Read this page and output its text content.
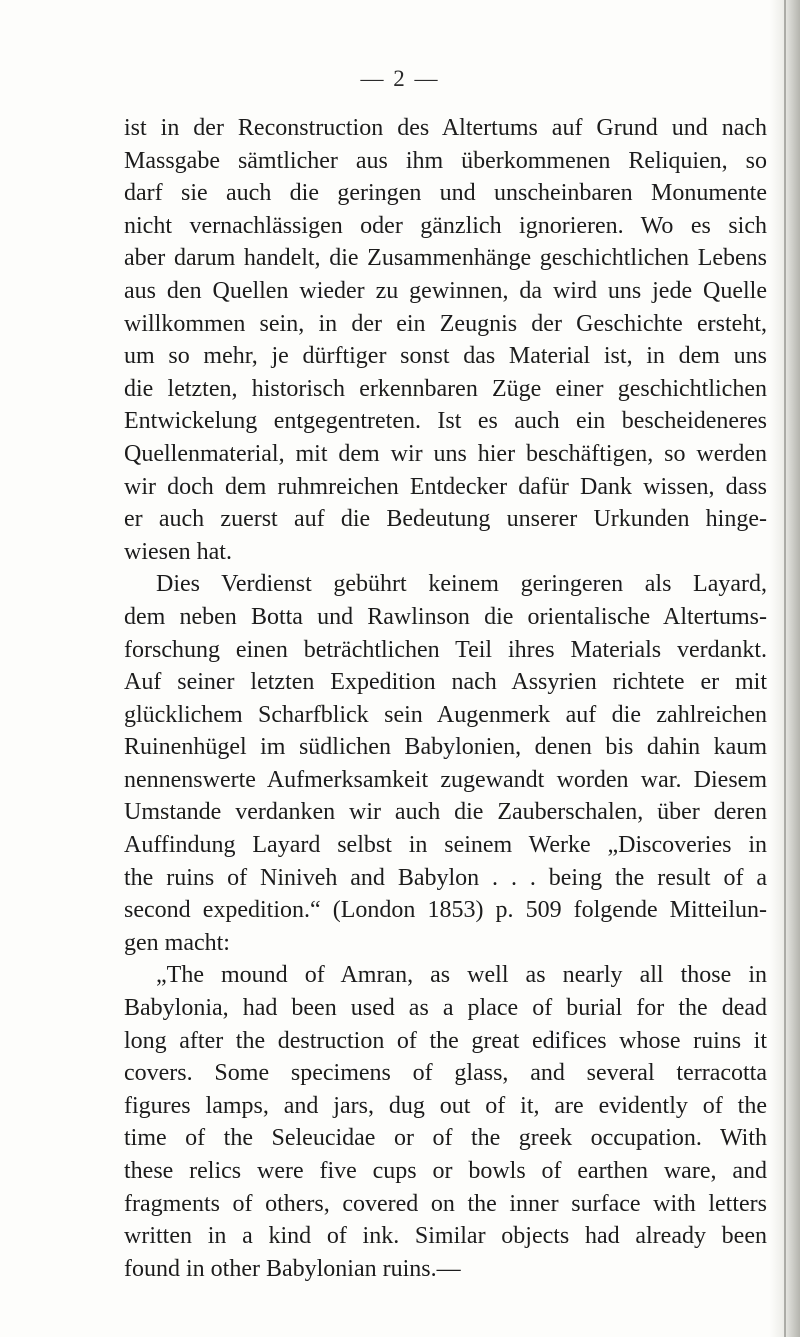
— 2 —
ist in der Reconstruction des Altertums auf Grund und nach
Massgabe sämtlicher aus ihm überkommenen Reliquien, so
darf sie auch die geringen und unscheinbaren Monumente
nicht vernachlässigen oder gänzlich ignorieren. Wo es sich
aber darum handelt, die Zusammenhänge geschichtlichen Lebens
aus den Quellen wieder zu gewinnen, da wird uns jede Quelle
willkommen sein, in der ein Zeugnis der Geschichte ersteht,
um so mehr, je dürftiger sonst das Material ist, in dem uns
die letzten, historisch erkennbaren Züge einer geschichtlichen
Entwickelung entgegentreten. Ist es auch ein bescheideneres
Quellenmaterial, mit dem wir uns hier beschäftigen, so werden
wir doch dem ruhmreichen Entdecker dafür Dank wissen, dass
er auch zuerst auf die Bedeutung unserer Urkunden hinge-
wiesen hat.
Dies Verdienst gebührt keinem geringeren als Layard,
dem neben Botta und Rawlinson die orientalische Altertums-
forschung einen beträchtlichen Teil ihres Materials verdankt.
Auf seiner letzten Expedition nach Assyrien richtete er mit
glücklichem Scharfblick sein Augenmerk auf die zahlreichen
Ruinenhügel im südlichen Babylonien, denen bis dahin kaum
nennenswerte Aufmerksamkeit zugewandt worden war. Diesem
Umstande verdanken wir auch die Zauberschalen, über deren
Auffindung Layard selbst in seinem Werke „Discoveries in
the ruins of Niniveh and Babylon . . . being the result of a
second expedition.“ (London 1853) p. 509 folgende Mitteilun-
gen macht:
„The mound of Amran, as well as nearly all those in
Babylonia, had been used as a place of burial for the dead
long after the destruction of the great edifices whose ruins it
covers. Some specimens of glass, and several terracotta
figures lamps, and jars, dug out of it, are evidently of the
time of the Seleucidae or of the greek occupation. With
these relics were five cups or bowls of earthen ware, and
fragments of others, covered on the inner surface with letters
written in a kind of ink. Similar objects had already been
found in other Babylonian ruins.—
